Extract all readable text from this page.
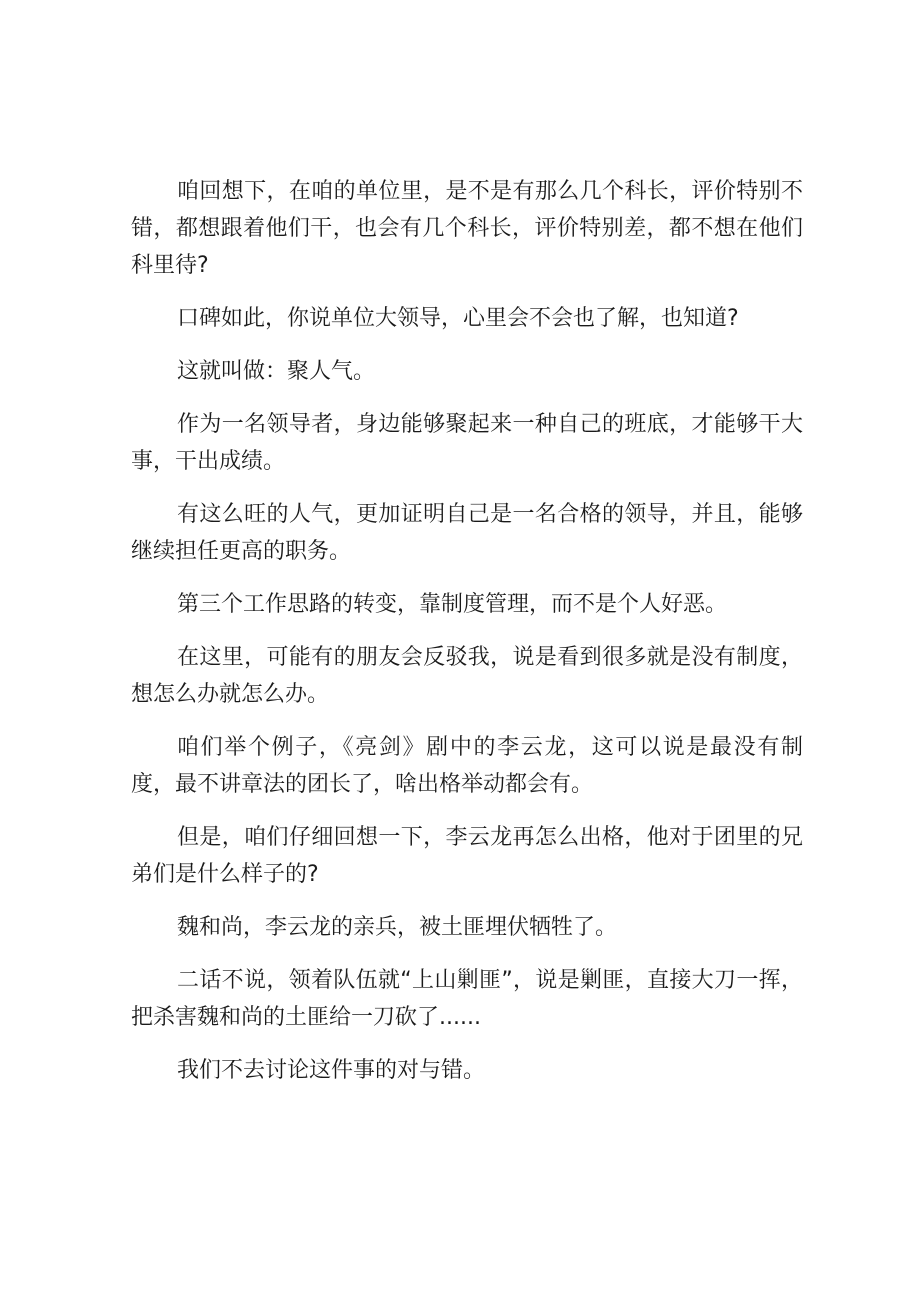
咱回想下，在咱的单位里，是不是有那么几个科长，评价特别不错，都想跟着他们干，也会有几个科长，评价特别差，都不想在他们科里待?

口碑如此，你说单位大领导，心里会不会也了解，也知道?

这就叫做：聚人气。

作为一名领导者，身边能够聚起来一种自己的班底，才能够干大事，干出成绩。

有这么旺的人气，更加证明自己是一名合格的领导，并且，能够继续担任更高的职务。

第三个工作思路的转变，靠制度管理，而不是个人好恶。

在这里，可能有的朋友会反驳我，说是看到很多就是没有制度，想怎么办就怎么办。

咱们举个例子，《亮剑》剧中的李云龙，这可以说是最没有制度，最不讲章法的团长了，啥出格举动都会有。

但是，咱们仔细回想一下，李云龙再怎么出格，他对于团里的兄弟们是什么样子的?

魏和尚，李云龙的亲兵，被土匪埋伏牺牲了。

二话不说，领着队伍就“上山剿匪”，说是剿匪，直接大刀一挥，把杀害魏和尚的土匪给一刀砍了......

我们不去讨论这件事的对与错。
